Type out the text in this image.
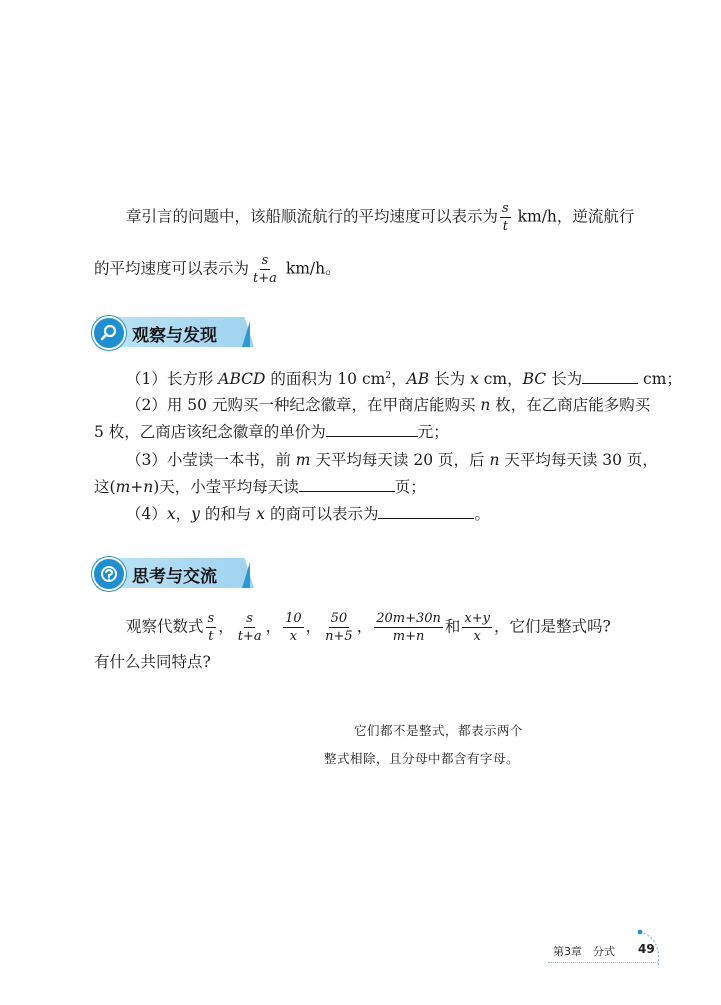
章引言的问题中，该船顺流航行的平均速度可以表示为 $\frac{s}{t} km/h$，逆流航行
的平均速度可以表示为 $\frac{s}{t+a} km/h$。
观察与发现
（1）长方形 ABCD 的面积为 10 $cm^2$，AB 长为 x cm，BC 长为	cm；
（2）用 50 元购买一种纪念徽章，在甲商店能购买 n 枚，在乙商店能多购买
5 枚，乙商店该纪念徽章的单价为	元；
（3）小莹读一本书，前 m 天平均每天读 20 页，后 n 天平均每天读 30 页，
这(m+n)天，小莹平均每天读	页；
（4）x，y 的和与 x 的商可以表示为	。
思考与交流
观察代数式 $\frac{s}{t}$ ， $\frac{s}{t+a}$ ， $\frac{10}{x}$ ， $\frac{50}{n+5}$ ， $\frac{20m+30n}{m+n}$ 和 $\frac{x+y}{x}$ ，它们是整式吗?
有什么共同特点?
它们都不是整式，都表示两个
整式相除，且分母中都含有字母。
第3章　分式 49
